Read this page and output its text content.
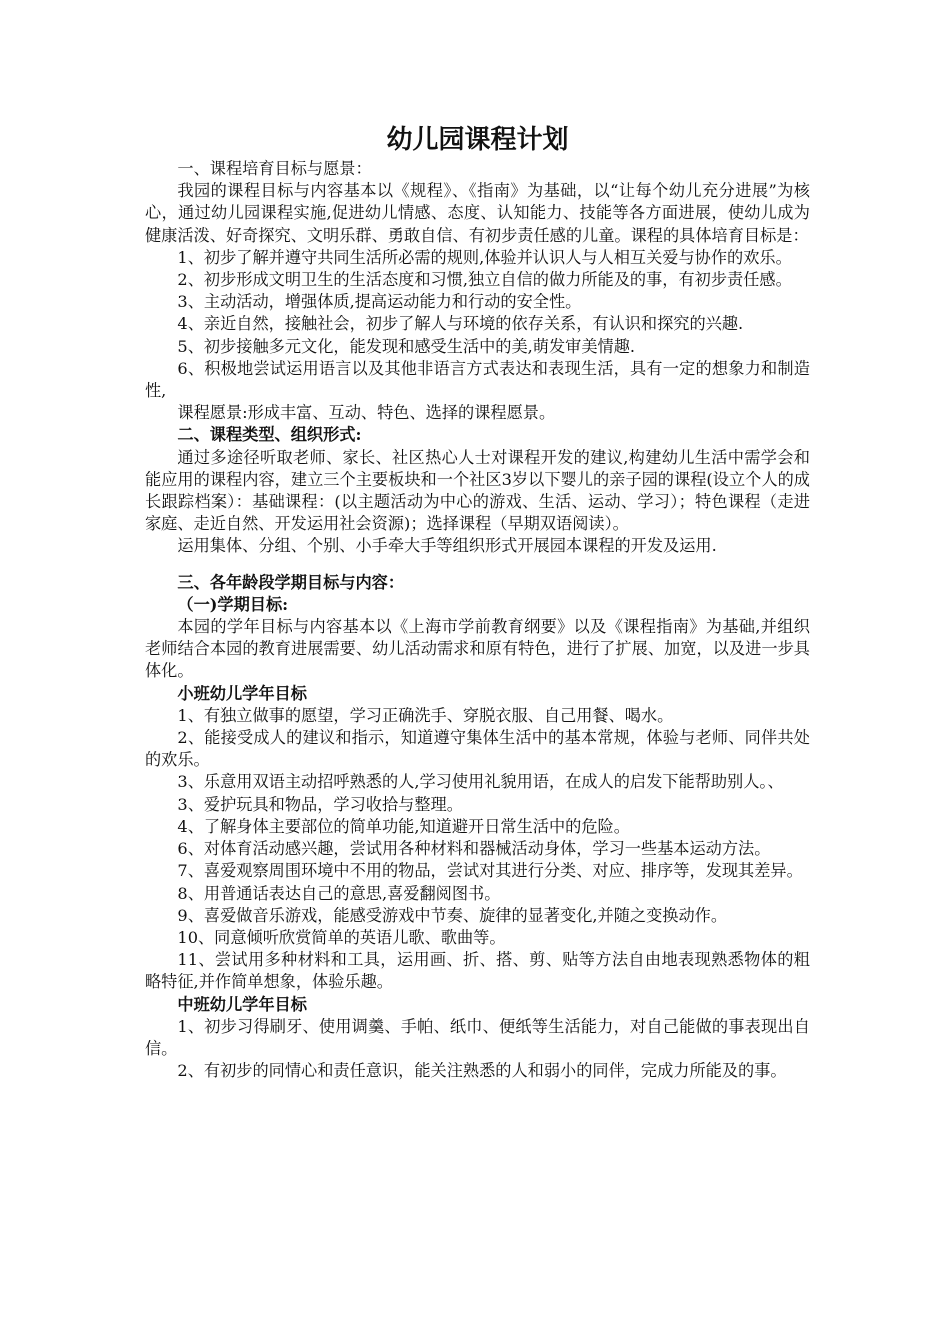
幼儿园课程计划

一、课程培育目标与愿景：

我园的课程目标与内容基本以《规程》、《指南》为基础，以“让每个幼儿充分进展”为核心，通过幼儿园课程实施,促进幼儿情感、态度、认知能力、技能等各方面进展，使幼儿成为健康活泼、好奇探究、文明乐群、勇敢自信、有初步责任感的儿童。课程的具体培育目标是：

1、初步了解并遵守共同生活所必需的规则,体验并认识人与人相互关爱与协作的欢乐。

2、初步形成文明卫生的生活态度和习惯,独立自信的做力所能及的事，有初步责任感。

3、主动活动，增强体质,提高运动能力和行动的安全性。

4、亲近自然，接触社会，初步了解人与环境的依存关系，有认识和探究的兴趣.

5、初步接触多元文化，能发现和感受生活中的美,萌发审美情趣.

6、积极地尝试运用语言以及其他非语言方式表达和表现生活，具有一定的想象力和制造性,

课程愿景:形成丰富、互动、特色、选择的课程愿景。

二、课程类型、组织形式:

通过多途径听取老师、家长、社区热心人士对课程开发的建议,构建幼儿生活中需学会和能应用的课程内容，建立三个主要板块和一个社区3岁以下婴儿的亲子园的课程(设立个人的成长跟踪档案）：基础课程：(以主题活动为中心的游戏、生活、运动、学习）；特色课程（走进家庭、走近自然、开发运用社会资源)；选择课程（早期双语阅读）。

运用集体、分组、个别、小手牵大手等组织形式开展园本课程的开发及运用.

三、各年龄段学期目标与内容：

（一)学期目标:

本园的学年目标与内容基本以《上海市学前教育纲要》以及《课程指南》为基础,并组织老师结合本园的教育进展需要、幼儿活动需求和原有特色，进行了扩展、加宽，以及进一步具体化。

小班幼儿学年目标

1、有独立做事的愿望，学习正确洗手、穿脱衣服、自己用餐、喝水。

2、能接受成人的建议和指示，知道遵守集体生活中的基本常规，体验与老师、同伴共处的欢乐。

3、乐意用双语主动招呼熟悉的人,学习使用礼貌用语，在成人的启发下能帮助别人。、

3、爱护玩具和物品，学习收拾与整理。

4、了解身体主要部位的简单功能,知道避开日常生活中的危险。

6、对体育活动感兴趣，尝试用各种材料和器械活动身体，学习一些基本运动方法。

7、喜爱观察周围环境中不用的物品，尝试对其进行分类、对应、排序等，发现其差异。

8、用普通话表达自己的意思,喜爱翻阅图书。

9、喜爱做音乐游戏，能感受游戏中节奏、旋律的显著变化,并随之变换动作。

10、同意倾听欣赏简单的英语儿歌、歌曲等。

11、尝试用多种材料和工具，运用画、折、搭、剪、贴等方法自由地表现熟悉物体的粗略特征,并作简单想象，体验乐趣。

中班幼儿学年目标

1、初步习得刷牙、使用调羹、手帕、纸巾、便纸等生活能力，对自己能做的事表现出自信。

2、有初步的同情心和责任意识，能关注熟悉的人和弱小的同伴，完成力所能及的事。
